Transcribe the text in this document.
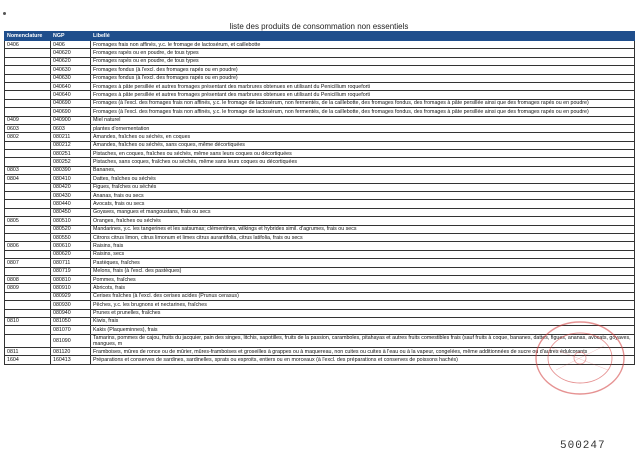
liste des produits de consommation non essentiels
Nomenclature	NGP	Libellé
0406	0406	Fromages frais non affinés, y.c. le fromage de lactosérum, et caillebotte
	040620	Fromages rapés ou en poudre, de tous types
	040620	Fromages rapés ou en poudre, de tous types
	040630	Fromages fondus (à l'excl. des fromages rapés ou en poudre)
	040630	Fromages fondus (à l'excl. des fromages rapés ou en poudre)
	040640	Fromages à pâte persillée et autres fromages présentant des marbrures obtenues en utilisant du Penicillium roqueforti
	040640	Fromages à pâte persillée et autres fromages présentant des marbrures obtenues en utilisant du Penicillium roqueforti
	040690	Fromages (à l'excl. des fromages frais non affinés, y.c. le fromage de lactosérum, non fermentés, de la caillebotte, des fromages fondus, des fromages à pâte persillée ainsi que des fromages rapés ou en poudre)
	040690	Fromages (à l'excl. des fromages frais non affinés, y.c. le fromage de lactosérum, non fermentés, de la caillebotte, des fromages fondus, des fromages à pâte persillée ainsi que des fromages rapés ou en poudre)
0409	040900	Miel naturel
0603	0603	plantes d'ornementation
0802	080211	Amandes, fraîches ou séchés, en coques
	080212	Amandes, fraîches ou séchés, sans coques, même décortiquées
	080251	Pistaches, en coques, fraîches ou séchés, même sans leurs coques ou décortiquées
	080252	Pistaches, sans coques, fraîches ou séchés, même sans leurs coques ou décortiquées
0803	080390	Bananes,
0804	080410	Dattes, fraîches ou séchés
	080420	Figues, fraîches ou séchés
	080430	Ananas, frais ou secs
	080440	Avocats, frais ou secs
	080450	Goyaves, mangues et mangoustans, frais ou secs
0805	080510	Oranges, fraîches ou séchés
	080520	Mandarines, y.c. les tangerines et les satsumas; clémentines, wilkings et hybrides simil. d'agrumes, frais ou secs
	080550	Citrons citrus limon, citrus limonum et limes citrus aurantifolia, citrus latifolia, frais ou secs
0806	080610	Raisins, frais
	080620	Raisins, secs
0807	080711	Pastèques, fraîches
	080719	Melons, frais (à l'excl. des pastèques)
0808	080810	Pommes, fraîches
0809	080910	Abricots, frais
	080929	Cerises fraîches (à l'excl. des cerises acides (Prunus cerasus)
	080930	Pêches, y.c. les brugnons et nectarines, fraîches
	080940	Prunes et prunelles, fraîches
0810	081050	Kiwis, frais
	081070	Kakis (Plaqueminnes), frais
	081090	Tamarins, pommes de cajou, fruits du jacquier, pain des singes, litchis, sapotilles, fruits de la passion, caramboles, pitahayas et autres fruits comestibles frais (sauf fruits à coque, bananes, dattes, figues, ananas, avocats, goyaves, mangues, m
0811	081120	Framboises, mûres de ronce ou de mûrier, mûres-framboises et groseilles à grappes ou à maquereau, non cuites ou cuites à l'eau ou à la vapeur, congelées, même additionnées de sucre ou d'autres édulcorants
1604	160413	Préparations et conserves de sardines, sardinelles, sprats ou esproits, entiers ou en morceaux (à l'excl. des préparations et conserves de poissons hachés)
500247
